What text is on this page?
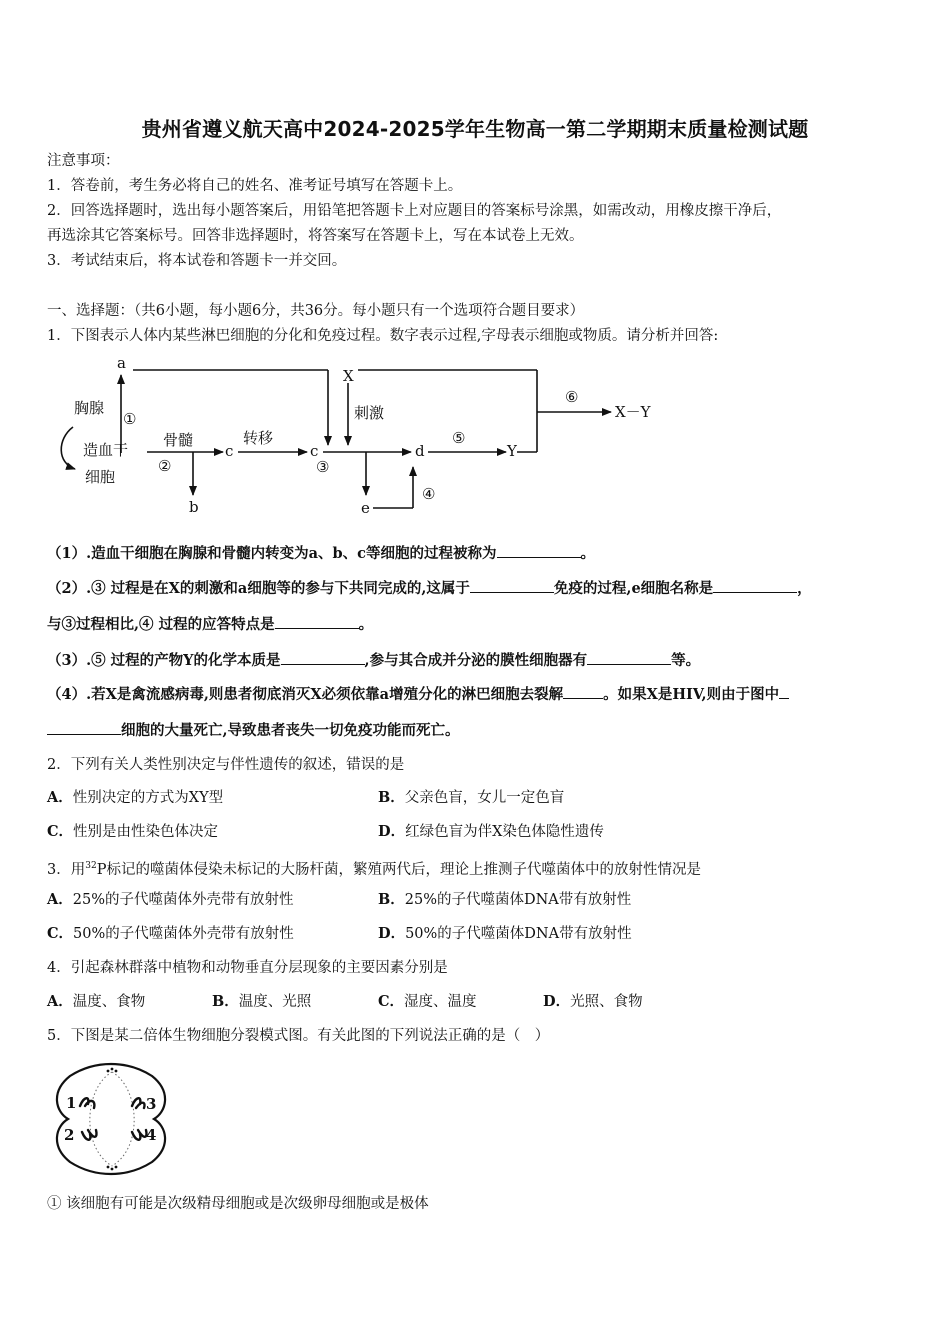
贵州省遵义航天高中2024-2025学年生物高一第二学期期末质量检测试题
注意事项：
1．答卷前，考生务必将自己的姓名、准考证号填写在答题卡上。
2．回答选择题时，选出每小题答案后，用铅笔把答题卡上对应题目的答案标号涂黑，如需改动，用橡皮擦干净后，
再选涂其它答案标号。回答非选择题时，将答案写在答题卡上，写在本试卷上无效。
3．考试结束后，将本试卷和答题卡一并交回。
一、选择题：（共6小题，每小题6分，共36分。每小题只有一个选项符合题目要求）
1．下图表示人体内某些淋巴细胞的分化和免疫过程。数字表示过程,字母表示细胞或物质。请分析并回答:
a
胸腺
①
造血干
细胞
骨髓
②
c
b
转移
c
③
X
刺激
d
e
④
⑤
Y
⑥
X－Y
（1）.造血干细胞在胸腺和骨髓内转变为a、b、c等细胞的过程被称为	。
（2）.③ 过程是在X的刺激和a细胞等的参与下共同完成的,这属于	免疫的过程,e细胞名称是	，
与③过程相比,④ 过程的应答特点是	。
（3）.⑤ 过程的产物Y的化学本质是	,参与其合成并分泌的膜性细胞器有	等。
（4）.若X是禽流感病毒,则患者彻底消灭X必须依靠a增殖分化的淋巴细胞去裂解	。如果X是HIV,则由于图中
细胞的大量死亡,导致患者丧失一切免疫功能而死亡。
2．下列有关人类性别决定与伴性遗传的叙述，错误的是
A．性别决定的方式为XY型	B．父亲色盲，女儿一定色盲
C．性别是由性染色体决定	D．红绿色盲为伴X染色体隐性遗传
3．用$^{32}$P标记的噬菌体侵染未标记的大肠杆菌，繁殖两代后，理论上推测子代噬菌体中的放射性情况是
A．25%的子代噬菌体外壳带有放射性	B．25%的子代噬菌体DNA带有放射性
C．50%的子代噬菌体外壳带有放射性	D．50%的子代噬菌体DNA带有放射性
4．引起森林群落中植物和动物垂直分层现象的主要因素分别是
A．温度、食物	B．温度、光照	C．湿度、温度	D．光照、食物
5．下图是某二倍体生物细胞分裂模式图。有关此图的下列说法正确的是（　）
1	3
2	4
① 该细胞有可能是次级精母细胞或是次级卵母细胞或是极体
